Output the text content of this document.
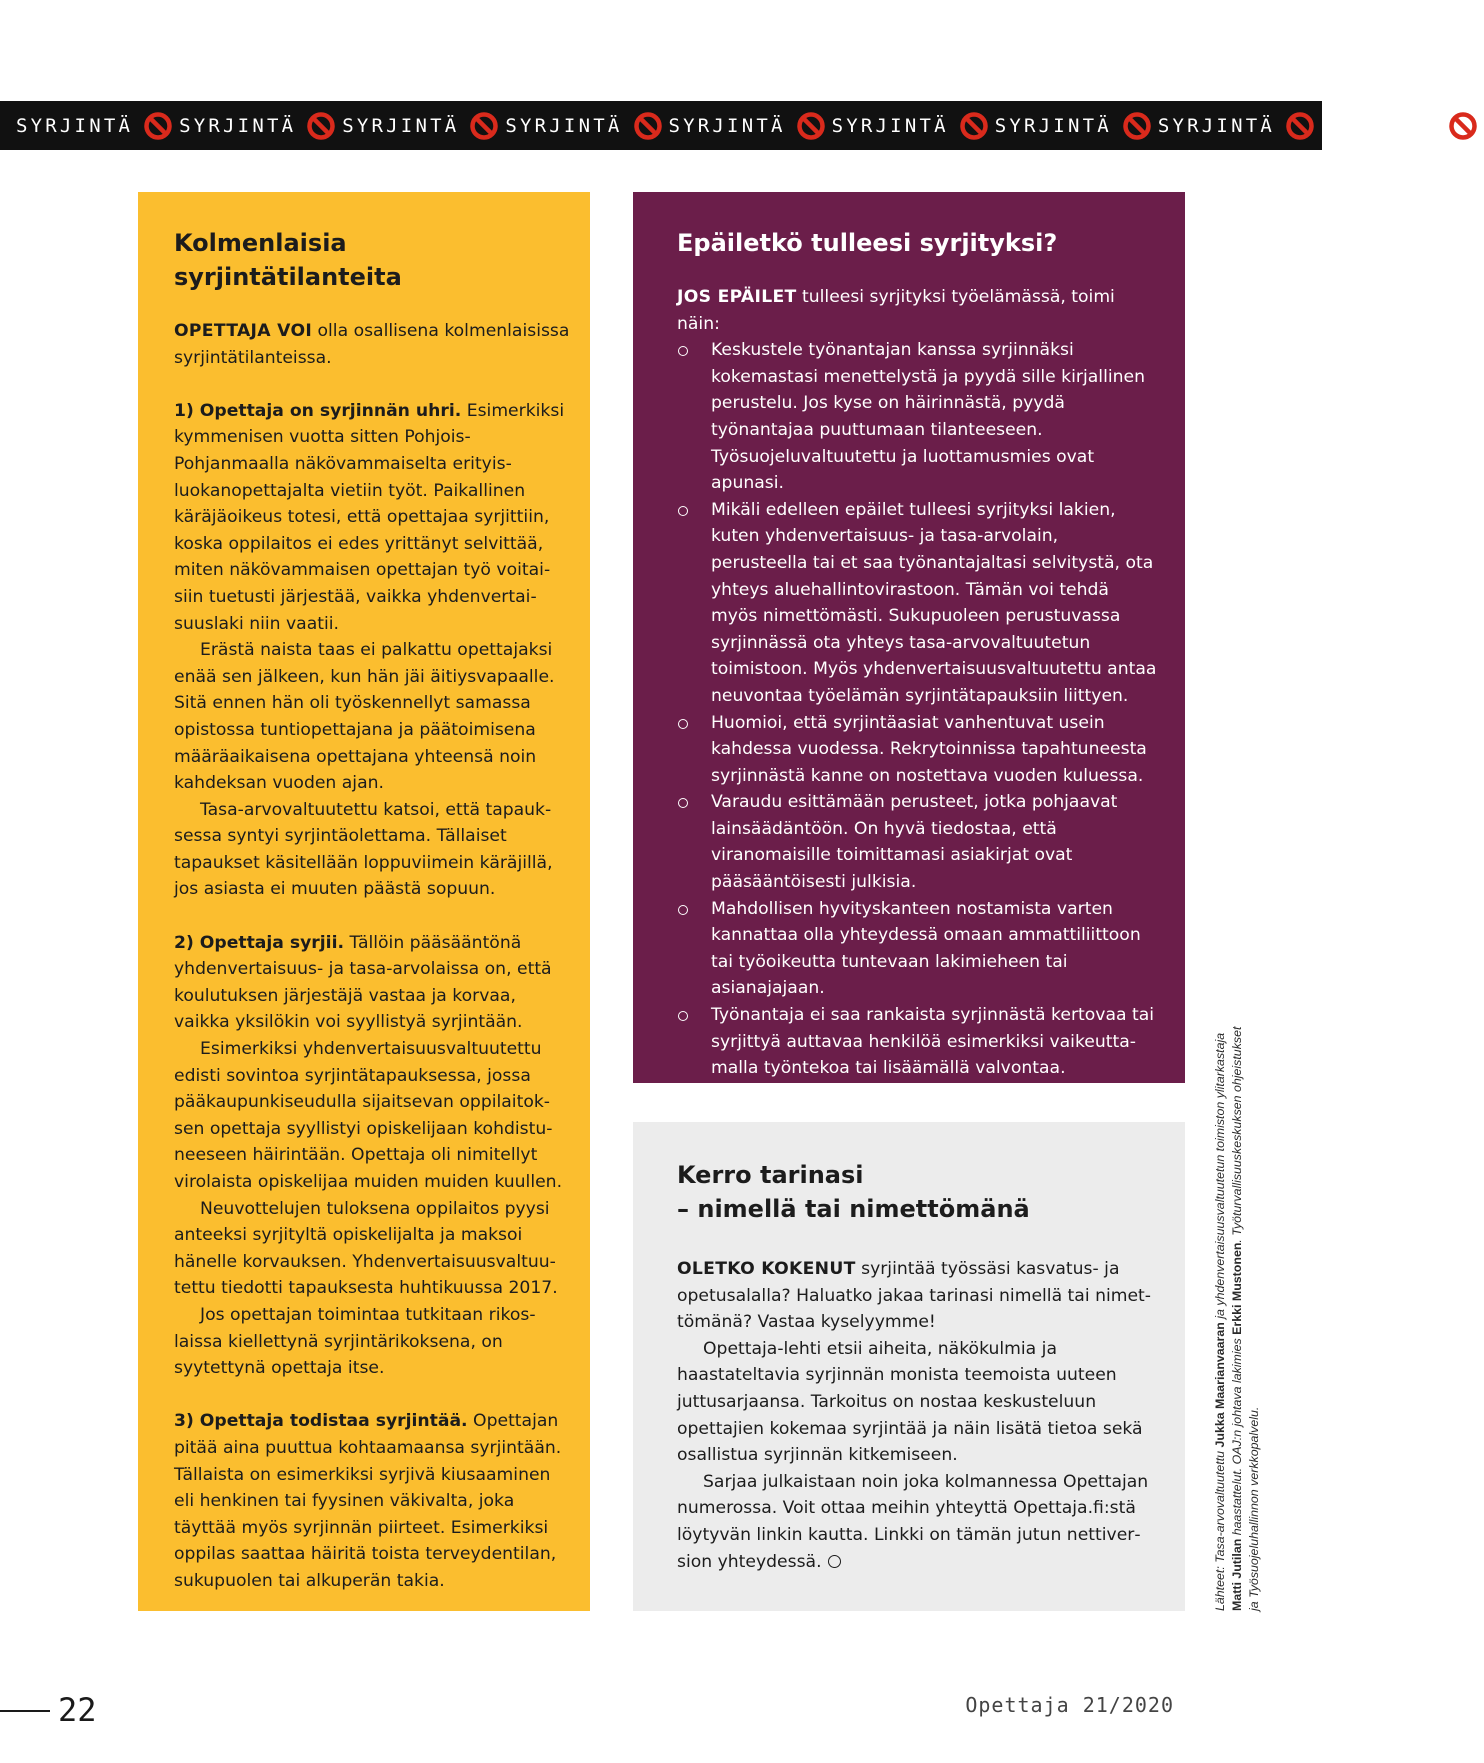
SYRJINTÄ SYRJINTÄ SYRJINTÄ SYRJINTÄ SYRJINTÄ SYRJINTÄ SYRJINTÄ SYRJINTÄ SYRJINTÄ
Kolmenlaisia syrjintätilanteita

OPETTAJA VOI olla osallisena kolmenlaisissa syrjintätilanteissa.

1) Opettaja on syrjinnän uhri. Esimerkiksi kymmenisen vuotta sitten Pohjois-Pohjanmaalla näkövammaiselta erityisluokanopettajalta vietiin työt. Paikallinen käräjäoikeus totesi, että opettajaa syrjittiin, koska oppilaitos ei edes yrittänyt selvittää, miten näkövammaisen opettajan työ voitaisiin tuetusti järjestää, vaikka yhdenvertaisuuslaki niin vaatii.

Erästä naista taas ei palkattu opettajaksi enää sen jälkeen, kun hän jäi äitiysvapaalle. Sitä ennen hän oli työskennellyt samassa opistossa tuntiopettajana ja päätoimisena määräaikaisena opettajana yhteensä noin kahdeksan vuoden ajan.

Tasa-arvovaltuutettu katsoi, että tapauksessa syntyi syrjintäolettama. Tällaiset tapaukset käsitellään loppuviimein käräjillä, jos asiasta ei muuten päästä sopuun.

2) Opettaja syrjii. Tällöin pääsääntönä yhdenvertaisuus- ja tasa-arvolaissa on, että koulutuksen järjestäjä vastaa ja korvaa, vaikka yksilökin voi syyllistyä syrjintään.

Esimerkiksi yhdenvertaisuusvaltuutettu edisti sovintoa syrjintätapauksessa, jossa pääkaupunkiseudulla sijaitsevan oppilaitoksen opettaja syyllistyi opiskelijaan kohdistuneeseen häirintään. Opettaja oli nimitellyt virolaista opiskelijaa muiden muiden kuullen.

Neuvottelujen tuloksena oppilaitos pyysi anteeksi syrjityltä opiskelijalta ja maksoi hänelle korvauksen. Yhdenvertaisuusvaltuutettu tiedotti tapauksesta huhtikuussa 2017.

Jos opettajan toimintaa tutkitaan rikoslaissa kiellettynä syrjintärikoksena, on syytettynä opettaja itse.

3) Opettaja todistaa syrjintää. Opettajan pitää aina puuttua kohtaamaansa syrjintään. Tällaista on esimerkiksi syrjivä kiusaaminen eli henkinen tai fyysinen väkivalta, joka täyttää myös syrjinnän piirteet. Esimerkiksi oppilas saattaa häiritä toista terveydentilan, sukupuolen tai alkuperän takia.

Epäiletkö tulleesi syrjityksi?

JOS EPÄILET tulleesi syrjityksi työelämässä, toimi näin:

Keskustele työnantajan kanssa syrjinnäksi kokemastasi menettelystä ja pyydä sille kirjallinen perustelu. Jos kyse on häirinnästä, pyydä työnantajaa puuttumaan tilanteeseen. Työsuojeluvaltuutettu ja luottamusmies ovat apunasi.
Mikäli edelleen epäilet tulleesi syrjityksi lakien, kuten yhdenvertaisuus- ja tasa-arvolain, perusteella tai et saa työnantajaltasi selvitystä, ota yhteys aluehallintovirastoon. Tämän voi tehdä myös nimettömästi. Sukupuoleen perustuvassa syrjinnässä ota yhteys tasa-arvovaltuutetun toimistoon. Myös yhdenvertaisuusvaltuutettu antaa neuvontaa työelämän syrjintätapauksiin liittyen.
Huomioi, että syrjintäasiat vanhentuvat usein kahdessa vuodessa. Rekrytoinnissa tapahtuneesta syrjinnästä kanne on nostettava vuoden kuluessa.
Varaudu esittämään perusteet, jotka pohjaavat lainsäädäntöön. On hyvä tiedostaa, että viranomaisille toimittamasi asiakirjat ovat pääsääntöisesti julkisia.
Mahdollisen hyvityskanteen nostamista varten kannattaa olla yhteydessä omaan ammattiliittoon tai työoikeutta tuntevaan lakimieheen tai asianajajaan.
Työnantaja ei saa rankaista syrjinnästä kertovaa tai syrjittyä auttavaa henkilöä esimerkiksi vaikeuttamalla työntekoa tai lisäämällä valvontaa.
Huomio, että työelämässä tapahtuva syrjintä voi
Kerro tarinasi
– nimellä tai nimettömänä

OLETKO KOKENUT syrjintää työssäsi kasvatus- ja opetusalalla? Haluatko jakaa tarinasi nimellä tai nimettömänä? Vastaa kyselyymme!

Opettaja-lehti etsii aiheita, näkökulmia ja haastateltavia syrjinnän monista teemoista uuteen juttusarjaansa. Tarkoitus on nostaa keskusteluun opettajien kokemaa syrjintää ja näin lisätä tietoa sekä osallistua syrjinnän kitkemiseen.

Sarjaa julkaistaan noin joka kolmannessa Opettajan numerossa. Voit ottaa meihin yhteyttä Opettaja.fi:stä löytyvän linkin kautta. Linkki on tämän jutun nettiversion yhteydessä.	Lähteet: Tasa-arvovaltuutettu Jukka Maarianvaaran ja yhdenvertaisuusvaltuutetun toimiston ylitarkastaja
Matti Jutilan haastattelut. OAJ:n johtava lakimies Erkki Mustonen. Työturvallisuuskeskuksen ohjeistukset
ja Työsuojeluhallinnon verkkopalvelu.
22	Opettaja 21/2020
